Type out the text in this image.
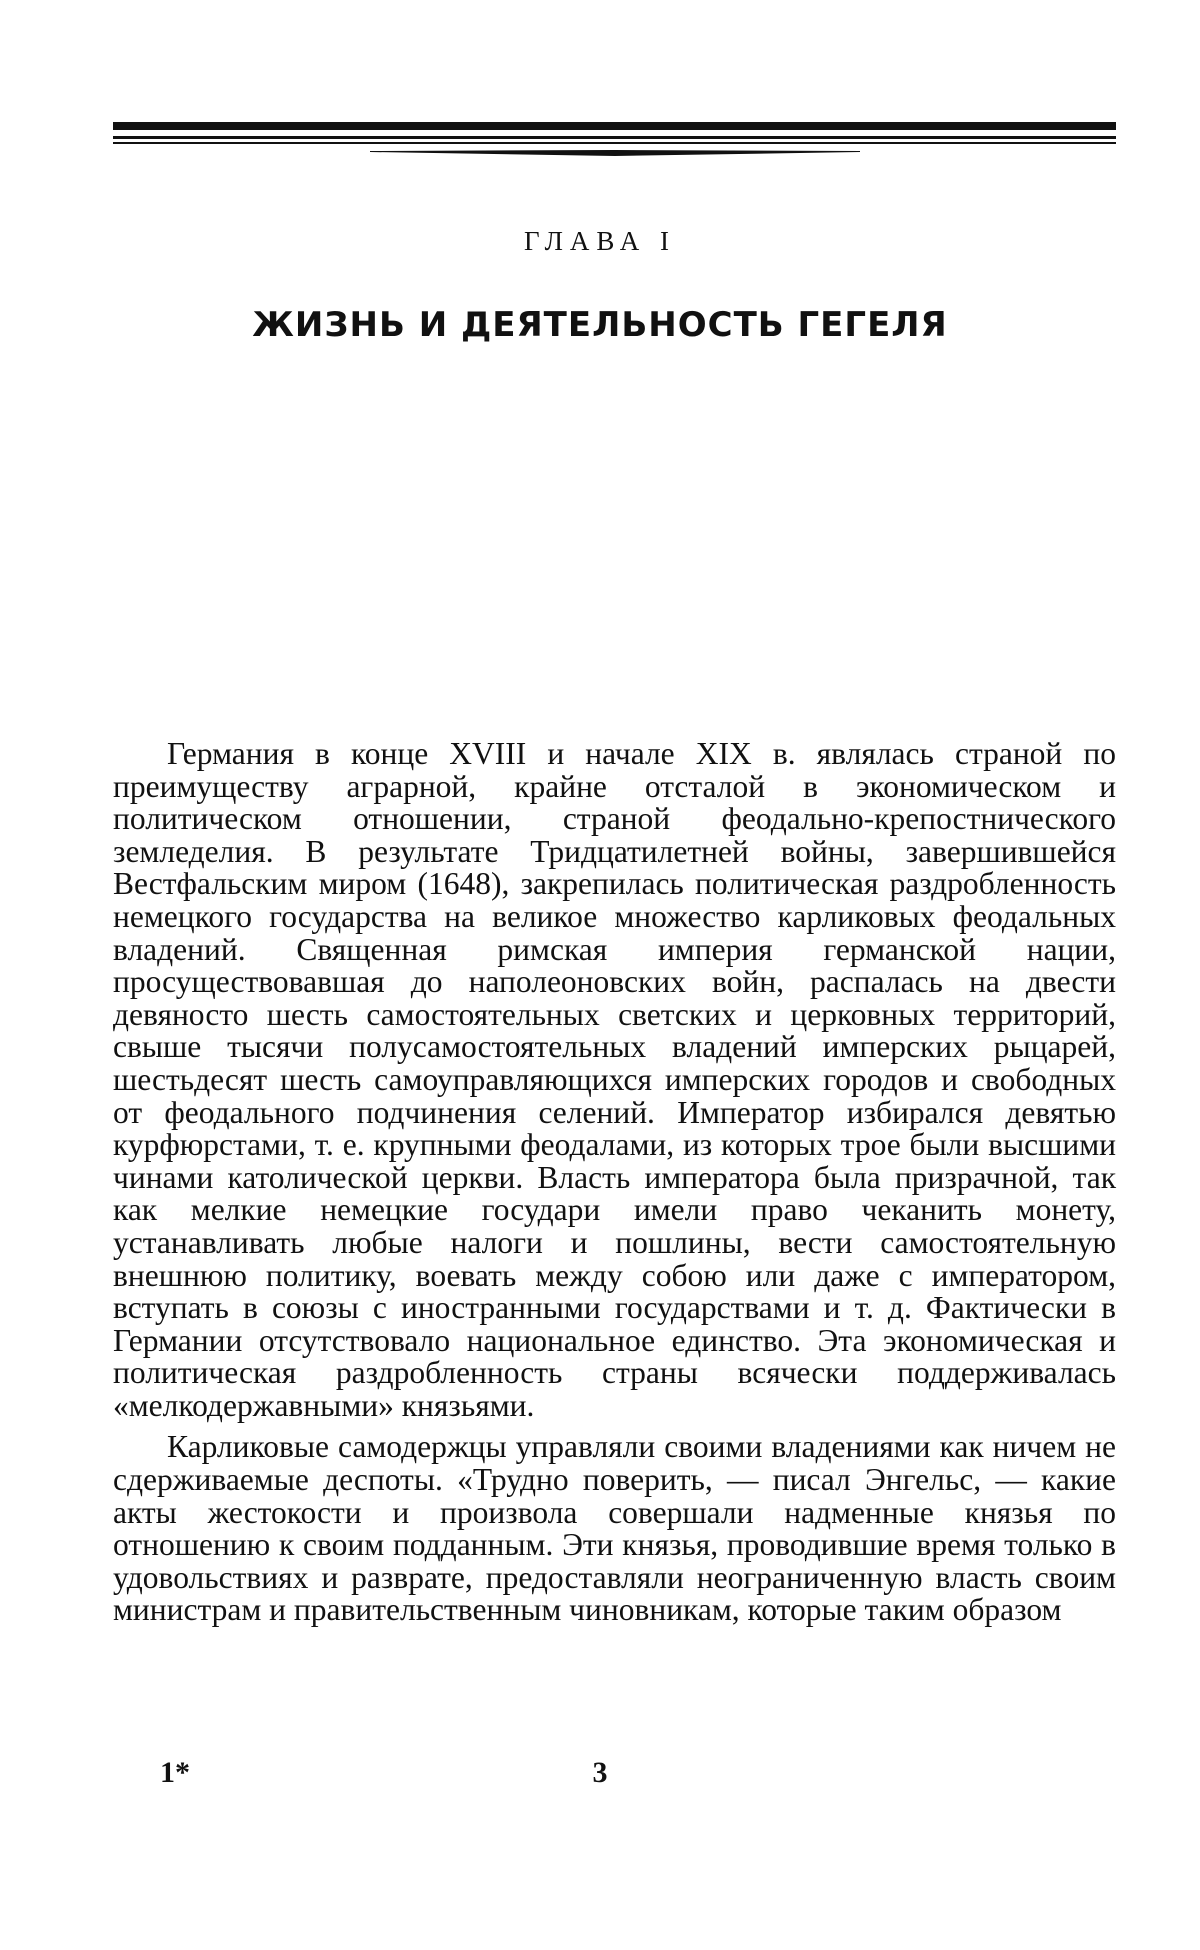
ГЛАВА I
ЖИЗНЬ И ДЕЯТЕЛЬНОСТЬ ГЕГЕЛЯ

Германия в конце XVIII и начале XIX в. являлась страной по преимуществу аграрной, крайне отсталой в экономическом и политическом отношении, страной феодально-крепостнического земледелия. В результате Тридцатилетней войны, завершившейся Вестфальским миром (1648), закрепилась политическая раздробленность немецкого государства на великое множество карликовых феодальных владений. Священная римская империя германской нации, просуществовавшая до наполеоновских войн, распалась на двести девяносто шесть самостоятельных светских и церковных территорий, свыше тысячи полусамостоятельных владений имперских рыцарей, шестьдесят шесть самоуправляющихся имперских городов и свободных от феодального подчинения селений. Император избирался девятью курфюрстами, т. е. крупными феодалами, из которых трое были высшими чинами католической церкви. Власть императора была призрачной, так как мелкие немецкие государи имели право чеканить монету, устанавливать любые налоги и пошлины, вести самостоятельную внешнюю политику, воевать между собою или даже с императором, вступать в союзы с иностранными государствами и т. д. Фактически в Германии отсутствовало национальное единство. Эта экономическая и политическая раздробленность страны всячески поддерживалась «мелкодержавными» князьями.

Карликовые самодержцы управляли своими владениями как ничем не сдерживаемые деспоты. «Трудно поверить, — писал Энгельс, — какие акты жестокости и произвола совершали надменные князья по отношению к своим подданным. Эти князья, проводившие время только в удовольствиях и разврате, предоставляли неограниченную власть своим министрам и правительственным чиновникам, которые таким образом

1*	3
